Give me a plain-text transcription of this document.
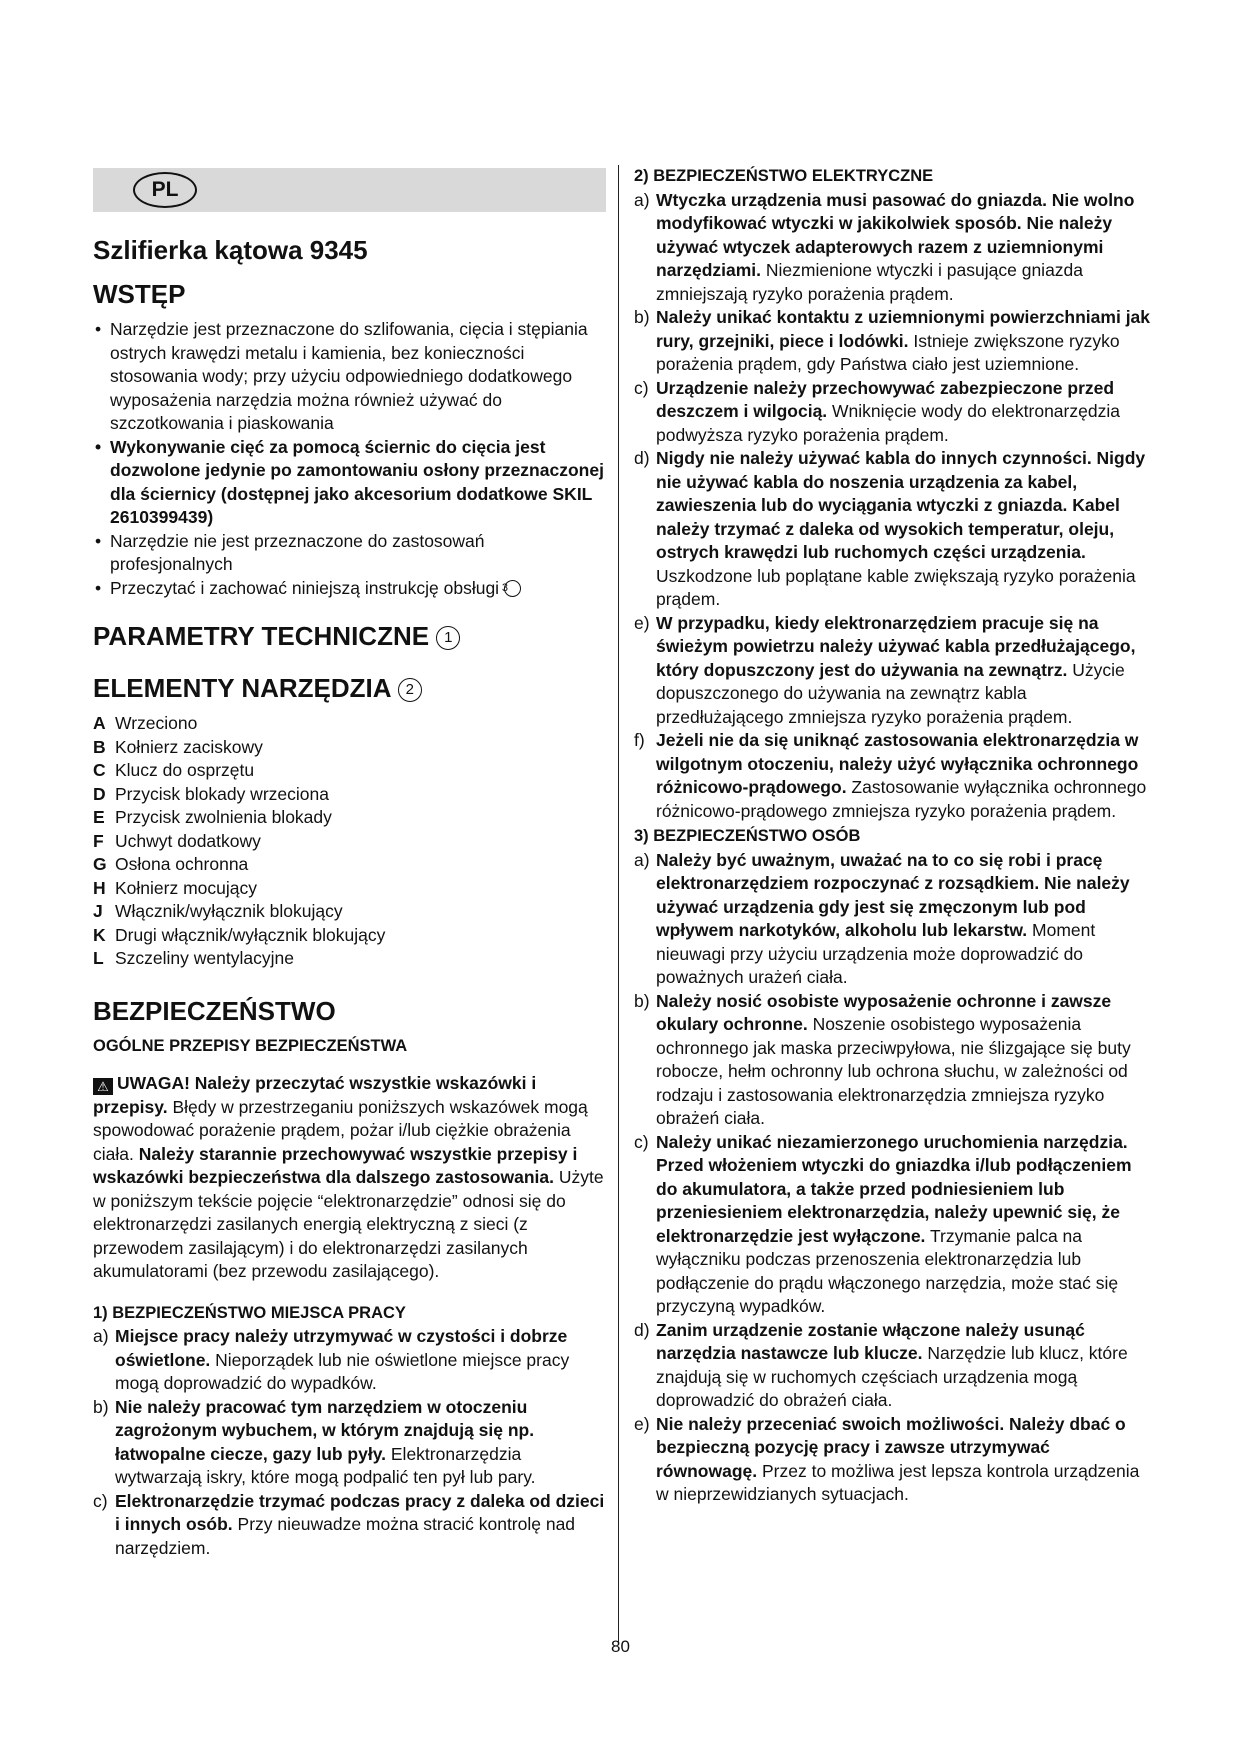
PL
Szlifierka kątowa 9345
WSTĘP
• Narzędzie jest przeznaczone do szlifowania, cięcia i stępiania ostrych krawędzi metalu i kamienia, bez konieczności stosowania wody; przy użyciu odpowiedniego dodatkowego wyposażenia narzędzia można również używać do szczotkowania i piaskowania
• Wykonywanie cięć za pomocą ściernic do cięcia jest dozwolone jedynie po zamontowaniu osłony przeznaczonej dla ściernicy (dostępnej jako akcesorium dodatkowe SKIL 2610399439)
• Narzędzie nie jest przeznaczone do zastosowań profesjonalnych
• Przeczytać i zachować niniejszą instrukcję obsługi 3
PARAMETRY TECHNICZNE 1
ELEMENTY NARZĘDZIA 2
A Wrzeciono
B Kołnierz zaciskowy
C Klucz do osprzętu
D Przycisk blokady wrzeciona
E Przycisk zwolnienia blokady
F Uchwyt dodatkowy
G Osłona ochronna
H Kołnierz mocujący
J Włącznik/wyłącznik blokujący
K Drugi włącznik/wyłącznik blokujący
L Szczeliny wentylacyjne
BEZPIECZEŃSTWO
OGÓLNE PRZEPISY BEZPIECZEŃSTWA
⚠ UWAGA! Należy przeczytać wszystkie wskazówki i przepisy. Błędy w przestrzeganiu poniższych wskazówek mogą spowodować porażenie prądem, pożar i/lub ciężkie obrażenia ciała. Należy starannie przechowywać wszystkie przepisy i wskazówki bezpieczeństwa dla dalszego zastosowania. Użyte w poniższym tekście pojęcie “elektronarzędzie” odnosi się do elektronarzędzi zasilanych energią elektryczną z sieci (z przewodem zasilającym) i do elektronarzędzi zasilanych akumulatorami (bez przewodu zasilającego).
1) BEZPIECZEŃSTWO MIEJSCA PRACY
a) Miejsce pracy należy utrzymywać w czystości i dobrze oświetlone. Nieporządek lub nie oświetlone miejsce pracy mogą doprowadzić do wypadków.
b) Nie należy pracować tym narzędziem w otoczeniu zagrożonym wybuchem, w którym znajdują się np. łatwopalne ciecze, gazy lub pyły. Elektronarzędzia wytwarzają iskry, które mogą podpalić ten pył lub pary.
c) Elektronarzędzie trzymać podczas pracy z daleka od dzieci i innych osób. Przy nieuwadze można stracić kontrolę nad narzędziem.
2) BEZPIECZEŃSTWO ELEKTRYCZNE
a) Wtyczka urządzenia musi pasować do gniazda. Nie wolno modyfikować wtyczki w jakikolwiek sposób. Nie należy używać wtyczek adapterowych razem z uziemnionymi narzędziami. Niezmienione wtyczki i pasujące gniazda zmniejszają ryzyko porażenia prądem.
b) Należy unikać kontaktu z uziemnionymi powierzchniami jak rury, grzejniki, piece i lodówki. Istnieje zwiększone ryzyko porażenia prądem, gdy Państwa ciało jest uziemnione.
c) Urządzenie należy przechowywać zabezpieczone przed deszczem i wilgocią. Wniknięcie wody do elektronarzędzia podwyższa ryzyko porażenia prądem.
d) Nigdy nie należy używać kabla do innych czynności. Nigdy nie używać kabla do noszenia urządzenia za kabel, zawieszenia lub do wyciągania wtyczki z gniazda. Kabel należy trzymać z daleka od wysokich temperatur, oleju, ostrych krawędzi lub ruchomych części urządzenia. Uszkodzone lub poplątane kable zwiększają ryzyko porażenia prądem.
e) W przypadku, kiedy elektronarzędziem pracuje się na świeżym powietrzu należy używać kabla przedłużającego, który dopuszczony jest do używania na zewnątrz. Użycie dopuszczonego do używania na zewnątrz kabla przedłużającego zmniejsza ryzyko porażenia prądem.
f) Jeżeli nie da się uniknąć zastosowania elektronarzędzia w wilgotnym otoczeniu, należy użyć wyłącznika ochronnego różnicowo-prądowego. Zastosowanie wyłącznika ochronnego różnicowo-prądowego zmniejsza ryzyko porażenia prądem.
3) BEZPIECZEŃSTWO OSÓB
a) Należy być uważnym, uważać na to co się robi i pracę elektronarzędziem rozpoczynać z rozsądkiem. Nie należy używać urządzenia gdy jest się zmęczonym lub pod wpływem narkotyków, alkoholu lub lekarstw. Moment nieuwagi przy użyciu urządzenia może doprowadzić do poważnych urażeń ciała.
b) Należy nosić osobiste wyposażenie ochronne i zawsze okulary ochronne. Noszenie osobistego wyposażenia ochronnego jak maska przeciwpyłowa, nie ślizgające się buty robocze, hełm ochronny lub ochrona słuchu, w zależności od rodzaju i zastosowania elektronarzędzia zmniejsza ryzyko obrażeń ciała.
c) Należy unikać niezamierzonego uruchomienia narzędzia. Przed włożeniem wtyczki do gniazdka i/lub podłączeniem do akumulatora, a także przed podniesieniem lub przeniesieniem elektronarzędzia, należy upewnić się, że elektronarzędzie jest wyłączone. Trzymanie palca na wyłączniku podczas przenoszenia elektronarzędzia lub podłączenie do prądu włączonego narzędzia, może stać się przyczyną wypadków.
d) Zanim urządzenie zostanie włączone należy usunąć narzędzia nastawcze lub klucze. Narzędzie lub klucz, które znajdują się w ruchomych częściach urządzenia mogą doprowadzić do obrażeń ciała.
e) Nie należy przeceniać swoich możliwości. Należy dbać o bezpieczną pozycję pracy i zawsze utrzymywać równowagę. Przez to możliwa jest lepsza kontrola urządzenia w nieprzewidzianych sytuacjach.
80
